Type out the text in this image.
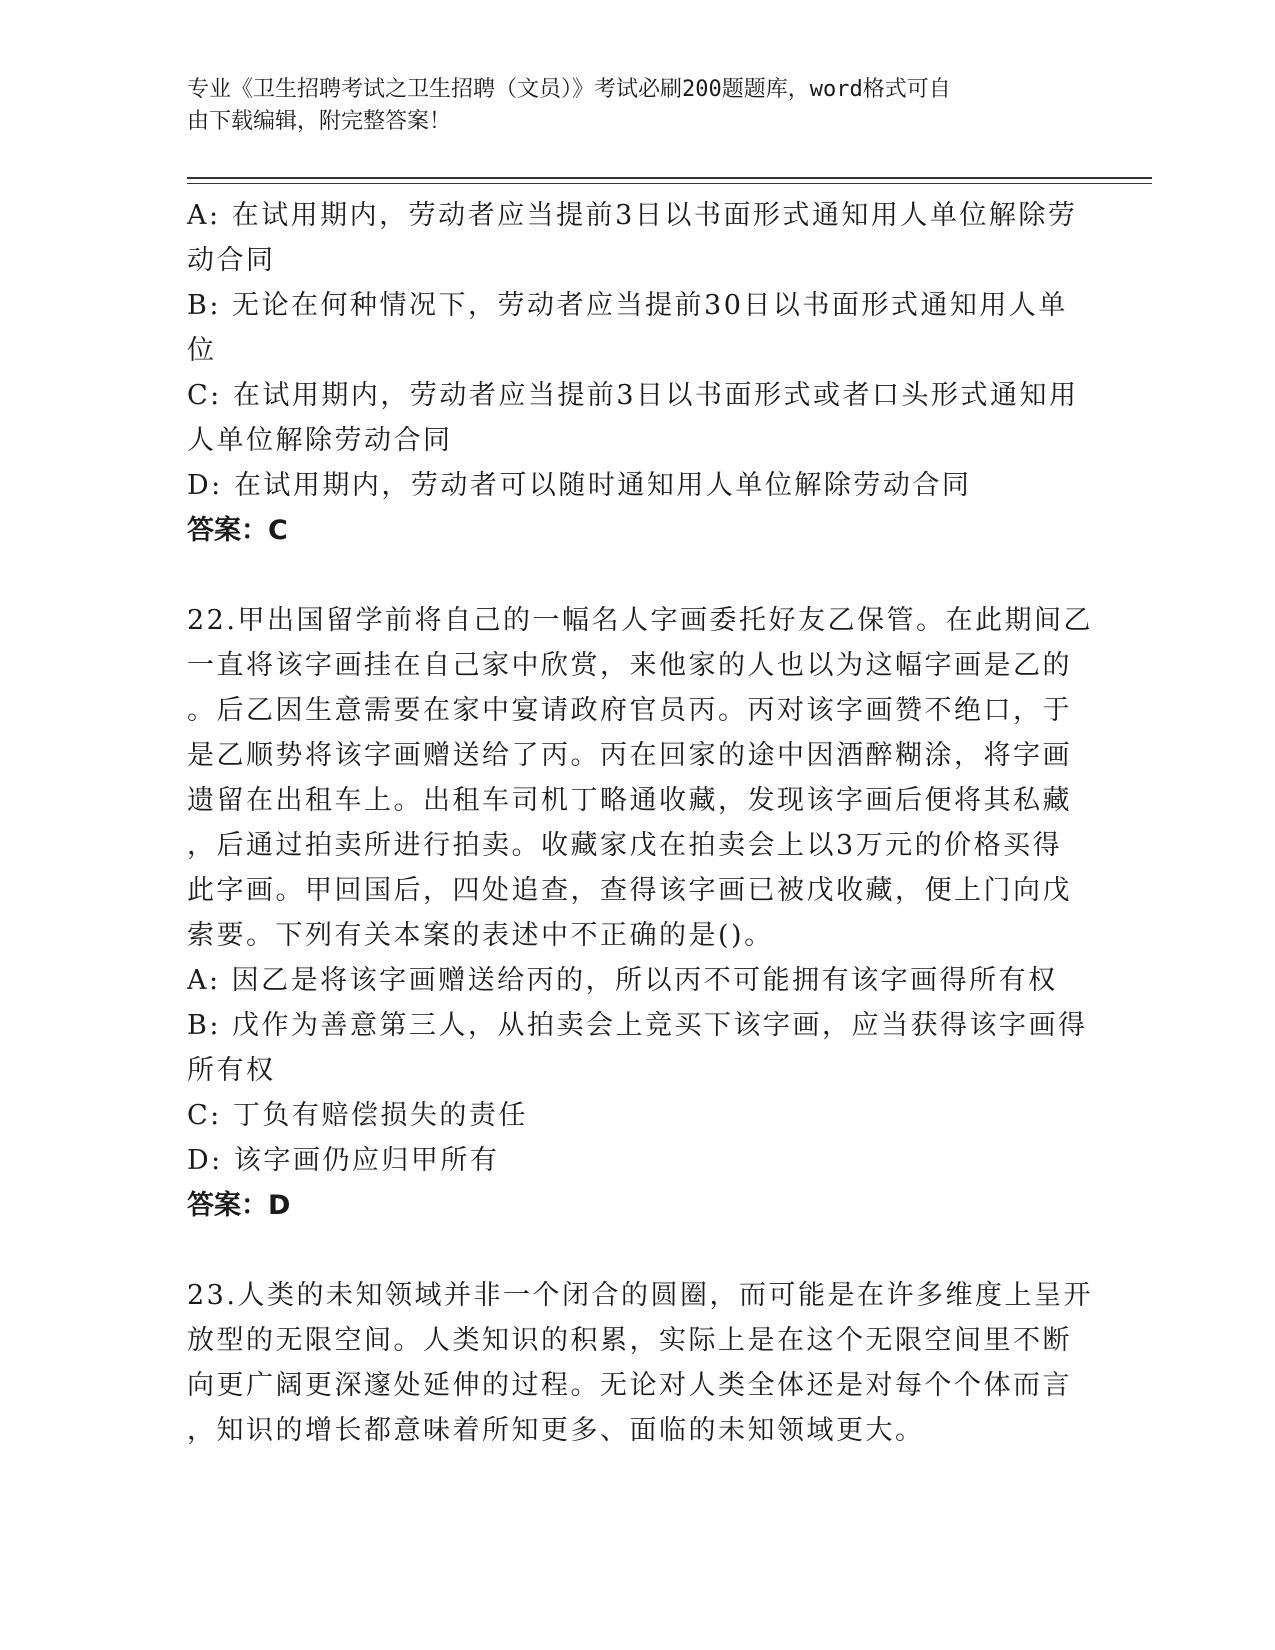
专业《卫生招聘考试之卫生招聘（文员）》考试必刷200题题库，word格式可自
由下载编辑，附完整答案！
A: 在试用期内，劳动者应当提前3日以书面形式通知用人单位解除劳
动合同
B: 无论在何种情况下，劳动者应当提前30日以书面形式通知用人单
位
C: 在试用期内，劳动者应当提前3日以书面形式或者口头形式通知用
人单位解除劳动合同
D: 在试用期内，劳动者可以随时通知用人单位解除劳动合同
答案：C
22.甲出国留学前将自己的一幅名人字画委托好友乙保管。在此期间乙
一直将该字画挂在自己家中欣赏，来他家的人也以为这幅字画是乙的
。后乙因生意需要在家中宴请政府官员丙。丙对该字画赞不绝口，于
是乙顺势将该字画赠送给了丙。丙在回家的途中因酒醉糊涂，将字画
遗留在出租车上。出租车司机丁略通收藏，发现该字画后便将其私藏
，后通过拍卖所进行拍卖。收藏家戊在拍卖会上以3万元的价格买得
此字画。甲回国后，四处追查，查得该字画已被戊收藏，便上门向戊
索要。下列有关本案的表述中不正确的是()。
A: 因乙是将该字画赠送给丙的，所以丙不可能拥有该字画得所有权
B: 戊作为善意第三人，从拍卖会上竞买下该字画，应当获得该字画得
所有权
C: 丁负有赔偿损失的责任
D: 该字画仍应归甲所有
答案：D
23.人类的未知领域并非一个闭合的圆圈，而可能是在许多维度上呈开
放型的无限空间。人类知识的积累，实际上是在这个无限空间里不断
向更广阔更深邃处延伸的过程。无论对人类全体还是对每个个体而言
，知识的增长都意味着所知更多、面临的未知领域更大。
